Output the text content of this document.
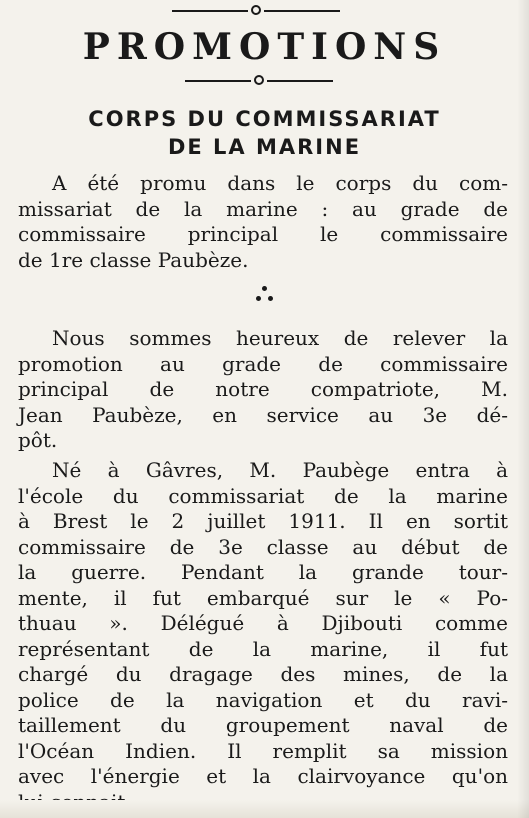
PROMOTIONS
CORPS DU COMMISSARIAT
DE LA MARINE
A été promu dans le corps du com-
missariat de la marine : au grade de
commissaire principal le commissaire
de 1re classe Paubèze.
Nous sommes heureux de relever la
promotion au grade de commissaire
principal de notre compatriote, M.
Jean Paubèze, en service au 3e dé-
pôt.
Né à Gâvres, M. Paubège entra à
l'école du commissariat de la marine
à Brest le 2 juillet 1911. Il en sortit
commissaire de 3e classe au début de
la guerre. Pendant la grande tour-
mente, il fut embarqué sur le « Po-
thuau ». Délégué à Djibouti comme
représentant de la marine, il fut
chargé du dragage des mines, de la
police de la navigation et du ravi-
taillement du groupement naval de
l'Océan Indien. Il remplit sa mission
avec l'énergie et la clairvoyance qu'on
